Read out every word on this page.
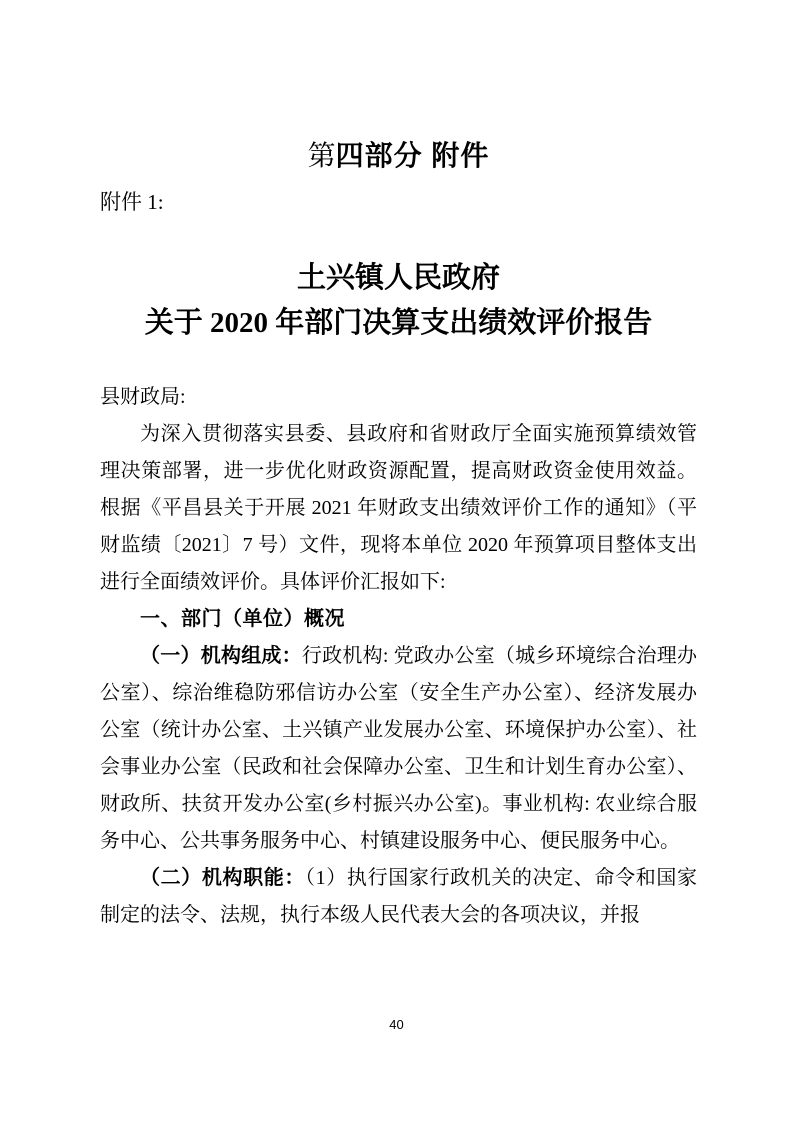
第四部分 附件
附件 1:
土兴镇人民政府
关于 2020 年部门决算支出绩效评价报告
县财政局:

为深入贯彻落实县委、县政府和省财政厅全面实施预算绩效管理决策部署，进一步优化财政资源配置，提高财政资金使用效益。根据《平昌县关于开展 2021 年财政支出绩效评价工作的通知》（平财监绩〔2021〕7 号）文件，现将本单位 2020 年预算项目整体支出进行全面绩效评价。具体评价汇报如下:

一、部门（单位）概况

（一）机构组成：行政机构: 党政办公室（城乡环境综合治理办公室）、综治维稳防邪信访办公室（安全生产办公室）、经济发展办公室（统计办公室、土兴镇产业发展办公室、环境保护办公室）、社会事业办公室（民政和社会保障办公室、卫生和计划生育办公室）、财政所、扶贫开发办公室(乡村振兴办公室)。事业机构: 农业综合服务中心、公共事务服务中心、村镇建设服务中心、便民服务中心。

（二）机构职能：（1）执行国家行政机关的决定、命令和国家制定的法令、法规，执行本级人民代表大会的各项决议，并报

40
